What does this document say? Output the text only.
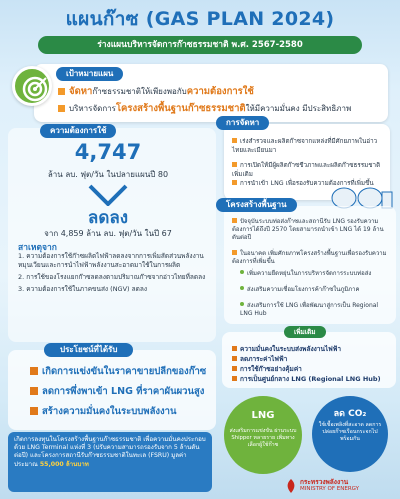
แผนก๊าซ (GAS PLAN 2024)
ร่างแผนบริหารจัดการก๊าซธรรมชาติ พ.ศ. 2567-2580
เป้าหมายแผน
จัดหาก๊าซธรรมชาติให้เพียงพอกับความต้องการใช้
บริหารจัดการโครงสร้างพื้นฐานก๊าซธรรมชาติให้มีความมั่นคง มีประสิทธิภาพ
ความต้องการใช้
4,747
ล้าน ลบ. ฟุต/วัน ในปลายแผนปี 80
ลดลง
จาก 4,859 ล้าน ลบ. ฟุต/วัน ในปี 67
สาเหตุจาก
1. ความต้องการใช้ก๊าซผลิตไฟฟ้าลดลงจากการเพิ่มสัดส่วนพลังงานหมุนเวียนและการนำไฟฟ้าพลังงานสะอาดมาใช้ในการผลิต
2. การใช้ของโรงแยกก๊าซลดลงตามปริมาณก๊าซจากอ่าวไทยที่ลดลง
3. ความต้องการใช้ในภาคขนส่ง (NGV) ลดลง
การจัดหา
เร่งสำรวจและผลิตก๊าซจากแหล่งที่มีศักยภาพในอ่าวไทยและเมียนมา
การเปิดให้มีผู้ผลิตก๊าซชีวภาพและผลิตก๊าซธรรมชาติเพิ่มเติม
การนำเข้า LNG เพื่อรองรับความต้องการที่เพิ่มขึ้น
โครงสร้างพื้นฐาน
ปัจจุบันระบบท่อส่งก๊าซและสถานีรับ LNG รองรับความต้องการได้ถึงปี 2570 โดยสามารถนำเข้า LNG ได้ 19 ล้านตันต่อปี
ในอนาคต เพิ่มศักยภาพโครงสร้างพื้นฐานเพื่อรองรับความต้องการที่เพิ่มขึ้น
เพิ่มความยืดหยุ่นในการบริหารจัดการระบบท่อส่ง
ส่งเสริมความเชื่อมโยงการค้าก๊าซในภูมิภาค
ส่งเสริมการใช้ LNG เพื่อพัฒนาสู่การเป็น Regional LNG Hub
ประโยชน์ที่ได้รับ
เกิดการแข่งขันในราคาขายปลีกของก๊าซ
ลดการพึ่งพาเข้า LNG ที่ราคาผันผวนสูง
สร้างความมั่นคงในระบบพลังงาน
เพิ่มเติม
ความมั่นคงในระบบส่งพลังงานไฟฟ้า
ลดภาระค่าไฟฟ้า
การใช้ก๊าซอย่างคุ้มค่า
การเป็นศูนย์กลาง LNG (Regional LNG Hub)
เกิดการลงทุนในโครงสร้างพื้นฐานก๊าซธรรมชาติ เพื่อความมั่นคงประกอบด้วย LNG Terminal แห่งที่ 3 (ปรับความสามารถรองรับจาก 5 ล้านตันต่อปี) และโครงการสถานีรับก๊าซธรรมชาติในทะเล (FSRU) มูลค่าประมาณ 55,000 ล้านบาท
LNG
ส่งเสริมการแข่งขัน ผ่านระบบ Shipper หลายราย เพิ่มทางเลือกผู้ใช้ก๊าซ
ลด CO₂
ใช้เชื้อเพลิงที่สะอาด ลดการปล่อยก๊าซเรือนกระจกไปพร้อมกัน
กระทรวงพลังงาน
MINISTRY OF ENERGY
